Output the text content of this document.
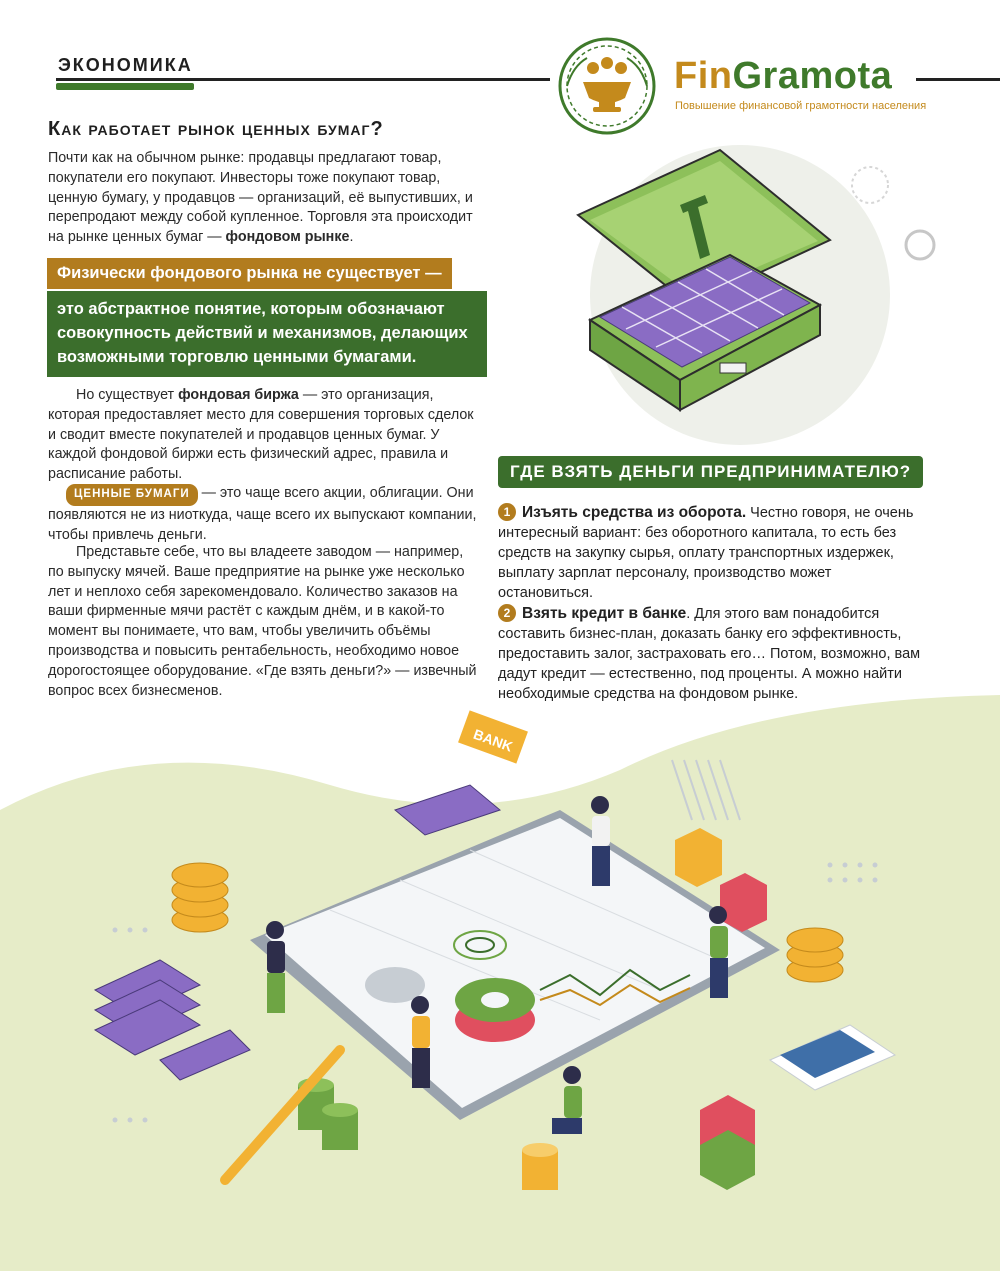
ЭКОНОМИКА	FinGramota
Повышение финансовой грамотности населения
Как работает рынок ценных бумаг?
Почти как на обычном рынке: продавцы предлагают товар, покупатели его покупают. Инвесторы тоже покупают товар, ценную бумагу, у продавцов — организаций, её выпустивших, и перепродают между собой купленное. Торговля эта происходит на рынке ценных бумаг — фондовом рынке.
Физически фондового рынка не существует —
это абстрактное понятие, которым обозначают совокупность действий и механизмов, делающих возможными торговлю ценными бумагами.
Но существует фондовая биржа — это организация, которая предоставляет место для совершения торговых сделок и сводит вместе покупателей и продавцов ценных бумаг. У каждой фондовой биржи есть физический адрес, правила и расписание работы.
ЦЕННЫЕ БУМАГИ — это чаще всего акции, облигации. Они появляются не из ниоткуда, чаще всего их выпускают компании, чтобы привлечь деньги.
Представьте себе, что вы владеете заводом — например, по выпуску мячей. Ваше предприятие на рынке уже несколько лет и неплохо себя зарекомендовало. Количество заказов на ваши фирменные мячи растёт с каждым днём, и в какой-то момент вы понимаете, что вам, чтобы увеличить объёмы производства и повысить рентабельность, необходимо новое дорогостоящее оборудование. «Где взять деньги?» — извечный вопрос всех бизнесменов.
ГДЕ ВЗЯТЬ ДЕНЬГИ ПРЕДПРИНИМАТЕЛЮ?
1 Изъять средства из оборота. Честно говоря, не очень интересный вариант: без оборотного капитала, то есть без средств на закупку сырья, оплату транспортных издержек, выплату зарплат персоналу, производство может остановиться.
2 Взять кредит в банке. Для этого вам понадобится составить бизнес-план, доказать банку его эффективность, предоставить залог, застраховать его… Потом, возможно, вам дадут кредит — естественно, под проценты. А можно найти необходимые средства на фондовом рынке.
BANK
